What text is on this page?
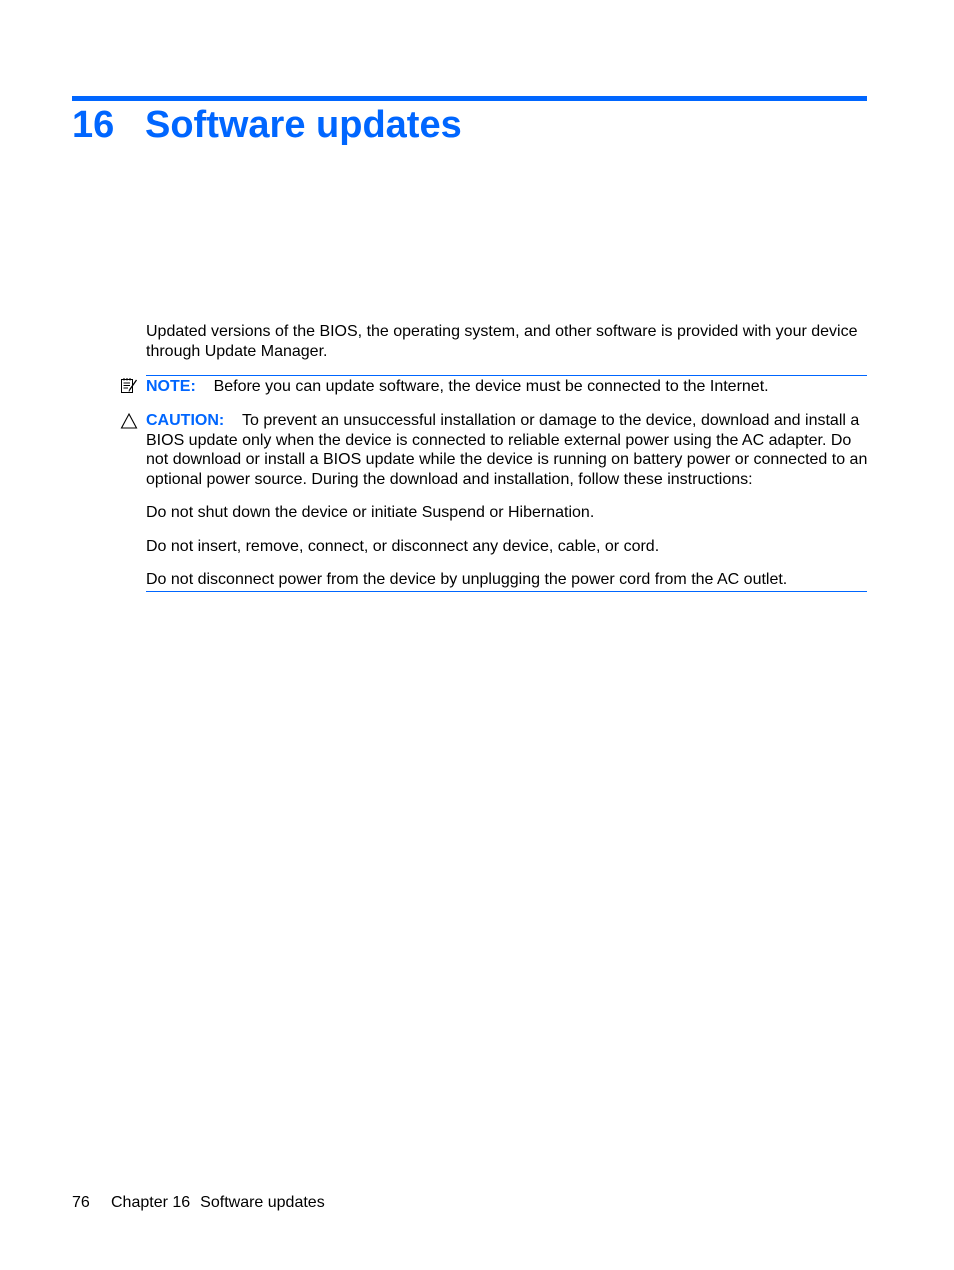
16 Software updates

Updated versions of the BIOS, the operating system, and other software is provided with your device through Update Manager.

NOTE: Before you can update software, the device must be connected to the Internet.
CAUTION: To prevent an unsuccessful installation or damage to the device, download and install a BIOS update only when the device is connected to reliable external power using the AC adapter. Do not download or install a BIOS update while the device is running on battery power or connected to an optional power source. During the download and installation, follow these instructions:

Do not shut down the device or initiate Suspend or Hibernation.

Do not insert, remove, connect, or disconnect any device, cable, or cord.

Do not disconnect power from the device by unplugging the power cord from the AC outlet.

76 Chapter 16 Software updates
